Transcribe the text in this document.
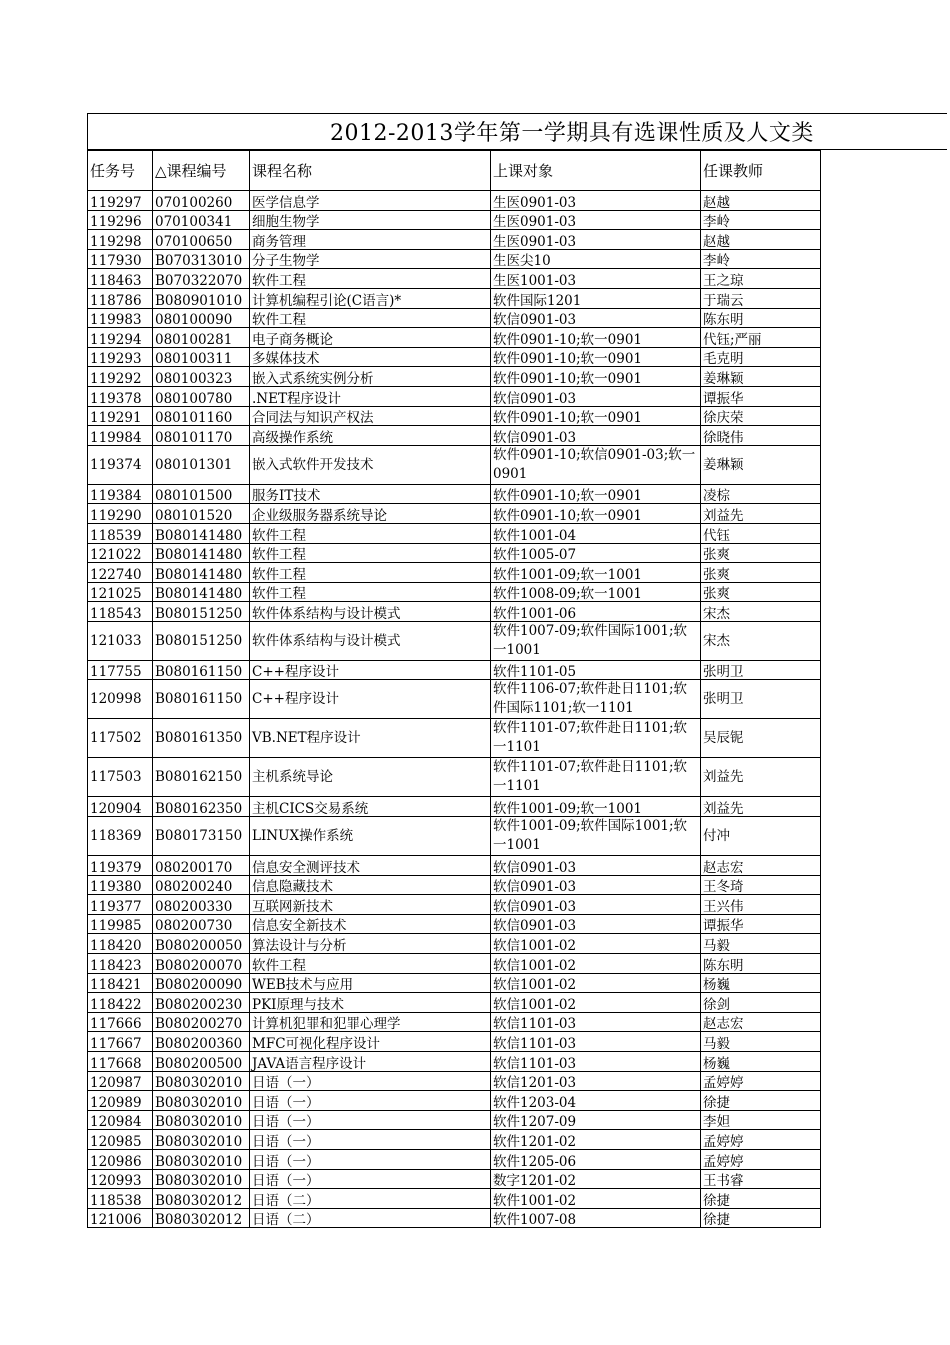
2012-2013学年第一学期具有选课性质及人文类
任务号	△课程编号	课程名称	上课对象	任课教师
119297	070100260	医学信息学	生医0901-03	赵越
119296	070100341	细胞生物学	生医0901-03	李岭
119298	070100650	商务管理	生医0901-03	赵越
117930	B070313010	分子生物学	生医尖10	李岭
118463	B070322070	软件工程	生医1001-03	王之琼
118786	B080901010	计算机编程引论(C语言)*	软件国际1201	于瑞云
119983	080100090	软件工程	软信0901-03	陈东明
119294	080100281	电子商务概论	软件0901-10;软一0901	代钰;严丽
119293	080100311	多媒体技术	软件0901-10;软一0901	毛克明
119292	080100323	嵌入式系统实例分析	软件0901-10;软一0901	姜琳颖
119378	080100780	.NET程序设计	软信0901-03	谭振华
119291	080101160	合同法与知识产权法	软件0901-10;软一0901	徐庆荣
119984	080101170	高级操作系统	软信0901-03	徐晓伟
119374	080101301	嵌入式软件开发技术	软件0901-10;软信0901-03;软一0901	姜琳颖
119384	080101500	服务IT技术	软件0901-10;软一0901	凌棕
119290	080101520	企业级服务器系统导论	软件0901-10;软一0901	刘益先
118539	B080141480	软件工程	软件1001-04	代钰
121022	B080141480	软件工程	软件1005-07	张爽
122740	B080141480	软件工程	软件1001-09;软一1001	张爽
121025	B080141480	软件工程	软件1008-09;软一1001	张爽
118543	B080151250	软件体系结构与设计模式	软件1001-06	宋杰
121033	B080151250	软件体系结构与设计模式	软件1007-09;软件国际1001;软一1001	宋杰
117755	B080161150	C++程序设计	软件1101-05	张明卫
120998	B080161150	C++程序设计	软件1106-07;软件赴日1101;软件国际1101;软一1101	张明卫
117502	B080161350	VB.NET程序设计	软件1101-07;软件赴日1101;软一1101	吴辰铌
117503	B080162150	主机系统导论	软件1101-07;软件赴日1101;软一1101	刘益先
120904	B080162350	主机CICS交易系统	软件1001-09;软一1001	刘益先
118369	B080173150	LINUX操作系统	软件1001-09;软件国际1001;软一1001	付冲
119379	080200170	信息安全测评技术	软信0901-03	赵志宏
119380	080200240	信息隐藏技术	软信0901-03	王冬琦
119377	080200330	互联网新技术	软信0901-03	王兴伟
119985	080200730	信息安全新技术	软信0901-03	谭振华
118420	B080200050	算法设计与分析	软信1001-02	马毅
118423	B080200070	软件工程	软信1001-02	陈东明
118421	B080200090	WEB技术与应用	软信1001-02	杨巍
118422	B080200230	PKI原理与技术	软信1001-02	徐剑
117666	B080200270	计算机犯罪和犯罪心理学	软信1101-03	赵志宏
117667	B080200360	MFC可视化程序设计	软信1101-03	马毅
117668	B080200500	JAVA语言程序设计	软信1101-03	杨巍
120987	B080302010	日语（一）	软信1201-03	孟婷婷
120989	B080302010	日语（一）	软件1203-04	徐捷
120984	B080302010	日语（一）	软件1207-09	李妲
120985	B080302010	日语（一）	软件1201-02	孟婷婷
120986	B080302010	日语（一）	软件1205-06	孟婷婷
120993	B080302010	日语（一）	数字1201-02	王书睿
118538	B080302012	日语（二）	软件1001-02	徐捷
121006	B080302012	日语（二）	软件1007-08	徐捷
